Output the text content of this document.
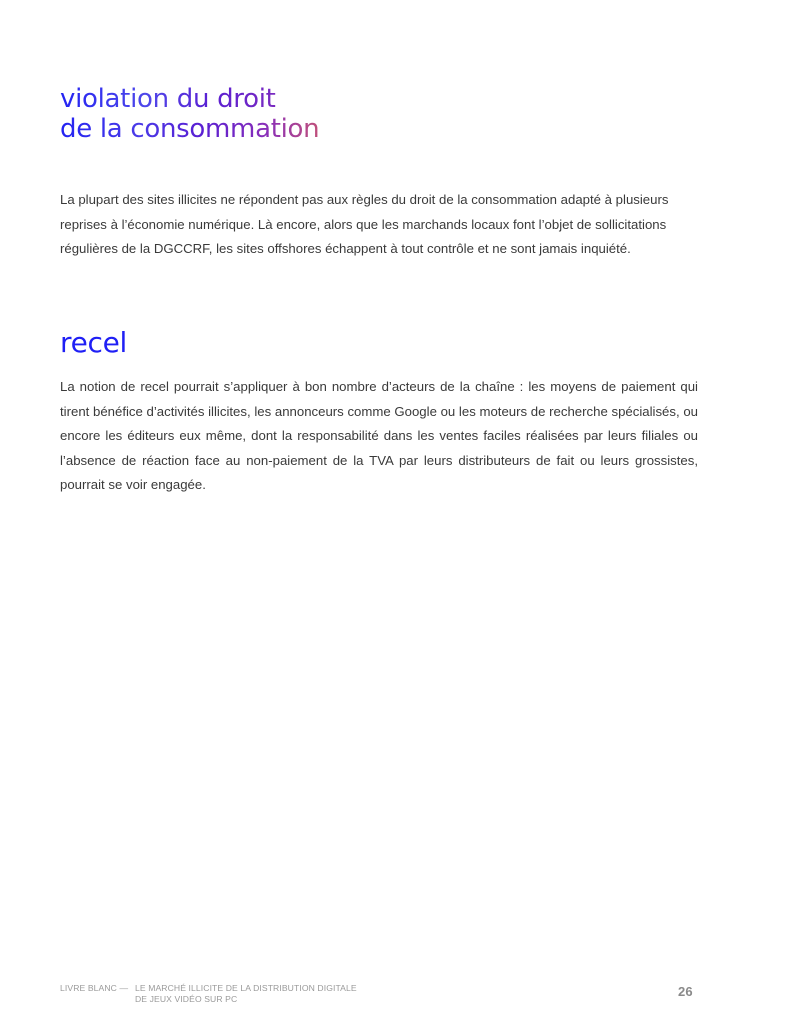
violation du droit
de la consommation

La plupart des sites illicites ne répondent pas aux règles du droit de la consommation adapté à plusieurs reprises à l’économie numérique. Là encore, alors que les marchands locaux font l’objet de sollicitations régulières de la DGCCRF, les sites offshores échappent à tout contrôle et ne sont jamais inquiété.

recel

La notion de recel pourrait s’appliquer à bon nombre d’acteurs de la chaîne : les moyens de paiement qui tirent bénéfice d’activités illicites, les annonceurs comme Google ou les moteurs de recherche spécialisés, ou encore les éditeurs eux même, dont la responsabilité dans les ventes faciles réalisées par leurs filiales ou l’absence de réaction face au non-paiement de la TVA par leurs distributeurs de fait ou leurs grossistes, pourrait se voir engagée.

LIVRE BLANC — LE MARCHÉ ILLICITE DE LA DISTRIBUTION DIGITALE
DE JEUX VIDÉO SUR PC	26
